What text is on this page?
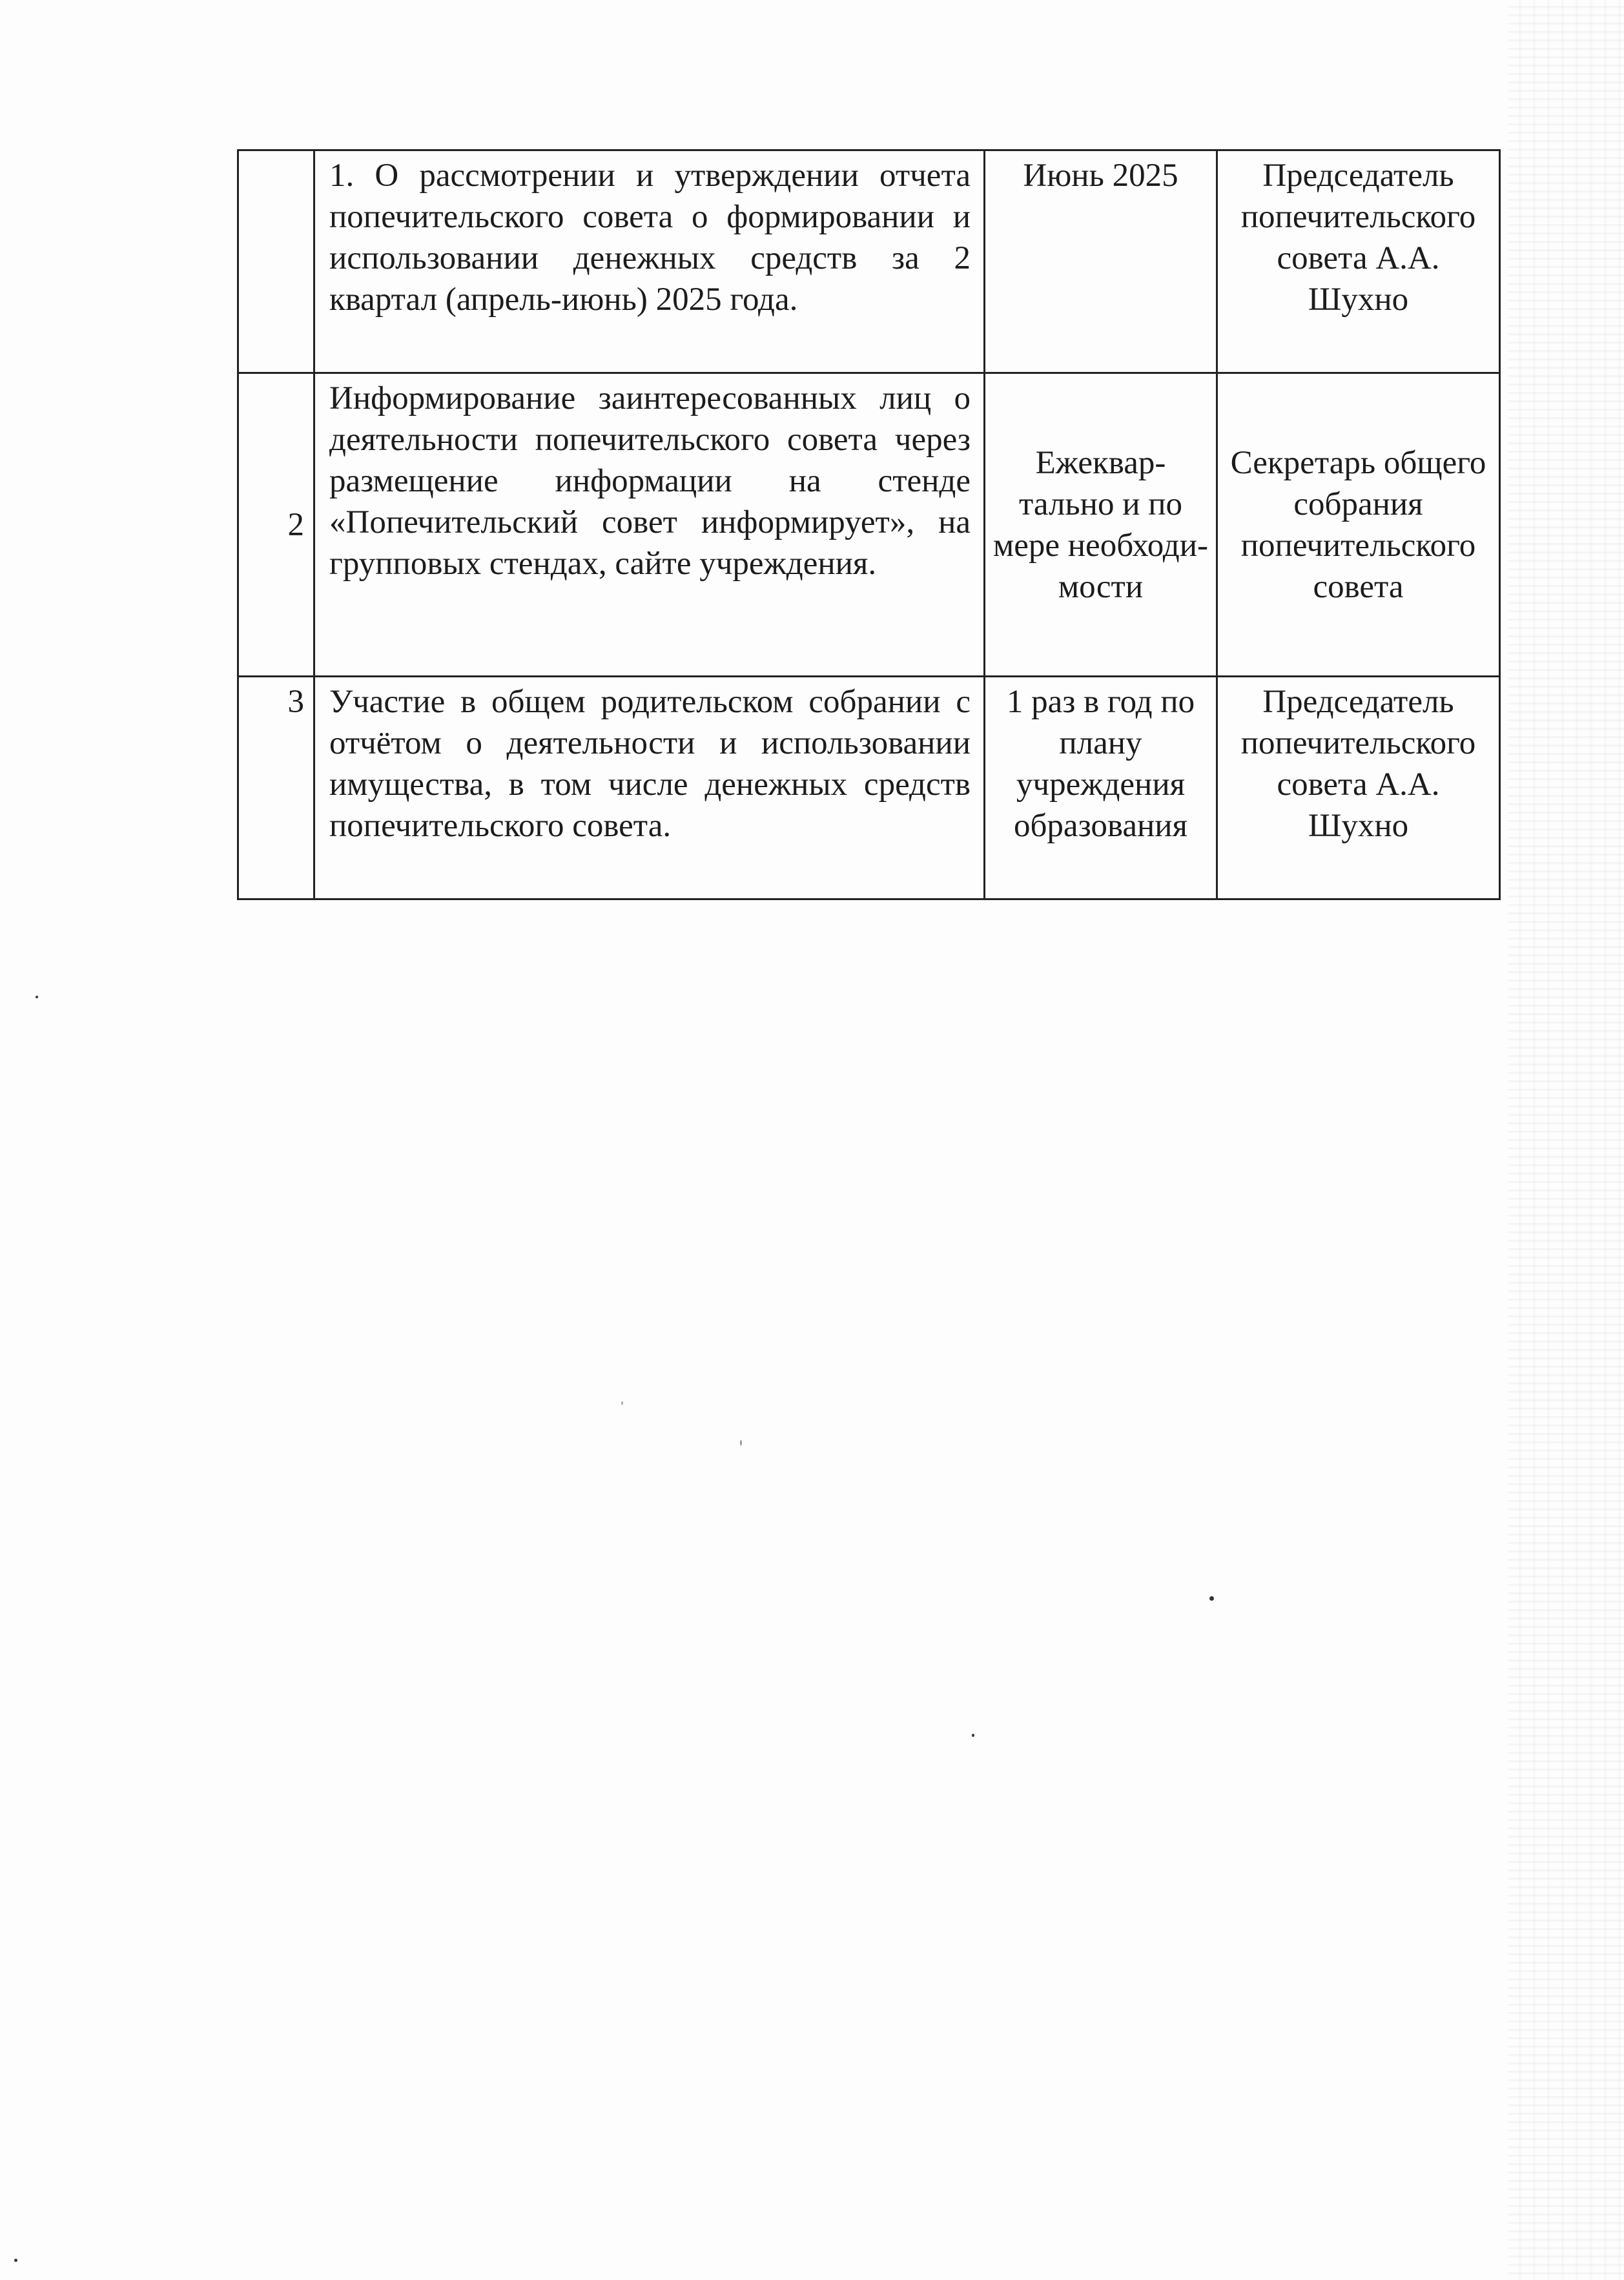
	1. О рассмотрении и утверждении отчета попечительского совета о формировании и использовании денежных средств за 2 квартал (апрель-июнь) 2025 года.	Июнь 2025	Председатель попечительского совета А.А. Шухно
2	Информирование заинтересованных лиц о деятельности попечительского совета через размещение информации на стенде «Попечительский совет информирует», на групповых стендах, сайте учреждения.	Ежеквар-тально и по мере необходи-мости	Секретарь общего собрания попечительского совета
3	Участие в общем родительском собрании с отчётом о деятельности и использовании имущества, в том числе денежных средств попечительского совета.	1 раз в год по плану учреждения образования	Председатель попечительского совета А.А. Шухно
